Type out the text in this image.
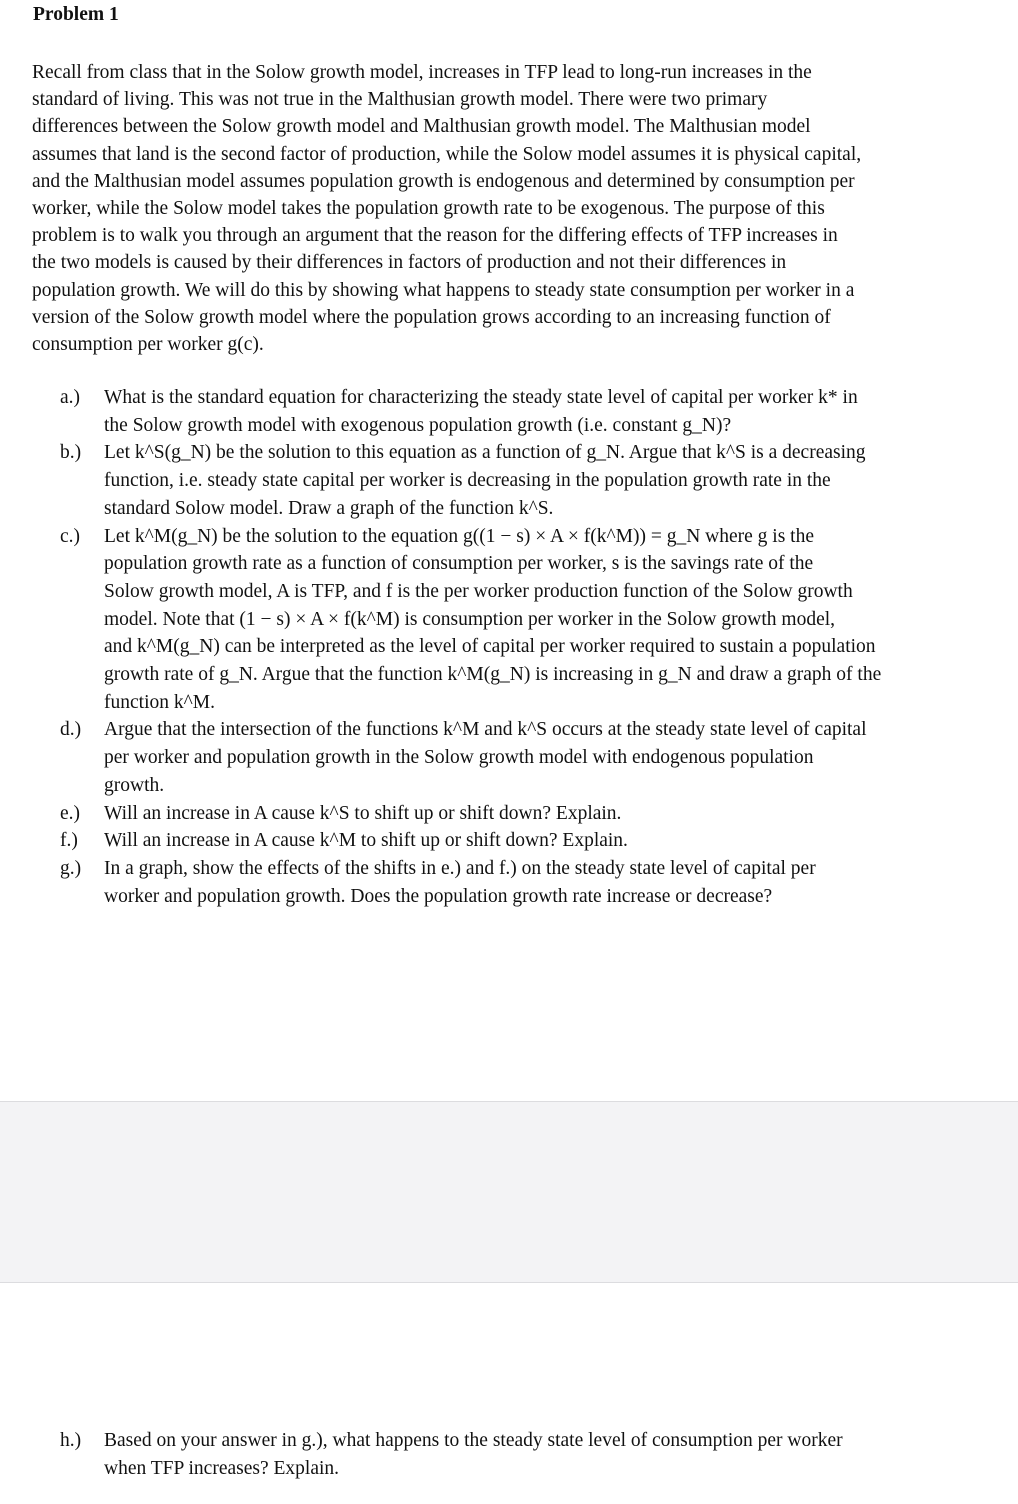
Problem 1
Recall from class that in the Solow growth model, increases in TFP lead to long-run increases in the
standard of living. This was not true in the Malthusian growth model. There were two primary
differences between the Solow growth model and Malthusian growth model. The Malthusian model
assumes that land is the second factor of production, while the Solow model assumes it is physical capital,
and the Malthusian model assumes population growth is endogenous and determined by consumption per
worker, while the Solow model takes the population growth rate to be exogenous. The purpose of this
problem is to walk you through an argument that the reason for the differing effects of TFP increases in
the two models is caused by their differences in factors of production and not their differences in
population growth. We will do this by showing what happens to steady state consumption per worker in a
version of the Solow growth model where the population grows according to an increasing function of
consumption per worker g(c).
a.) What is the standard equation for characterizing the steady state level of capital per worker k* in
the Solow growth model with exogenous population growth (i.e. constant g_N)?
b.) Let k^S(g_N) be the solution to this equation as a function of g_N. Argue that k^S is a decreasing
function, i.e. steady state capital per worker is decreasing in the population growth rate in the
standard Solow model. Draw a graph of the function k^S.
c.) Let k^M(g_N) be the solution to the equation g((1 − s) × A × f(k^M)) = g_N where g is the
population growth rate as a function of consumption per worker, s is the savings rate of the
Solow growth model, A is TFP, and f is the per worker production function of the Solow growth
model. Note that (1 − s) × A × f(k^M) is consumption per worker in the Solow growth model,
and k^M(g_N) can be interpreted as the level of capital per worker required to sustain a population
growth rate of g_N. Argue that the function k^M(g_N) is increasing in g_N and draw a graph of the
function k^M.
d.) Argue that the intersection of the functions k^M and k^S occurs at the steady state level of capital
per worker and population growth in the Solow growth model with endogenous population
growth.
e.) Will an increase in A cause k^S to shift up or shift down? Explain.
f.) Will an increase in A cause k^M to shift up or shift down? Explain.
g.) In a graph, show the effects of the shifts in e.) and f.) on the steady state level of capital per
worker and population growth. Does the population growth rate increase or decrease?
h.) Based on your answer in g.), what happens to the steady state level of consumption per worker
when TFP increases? Explain.
